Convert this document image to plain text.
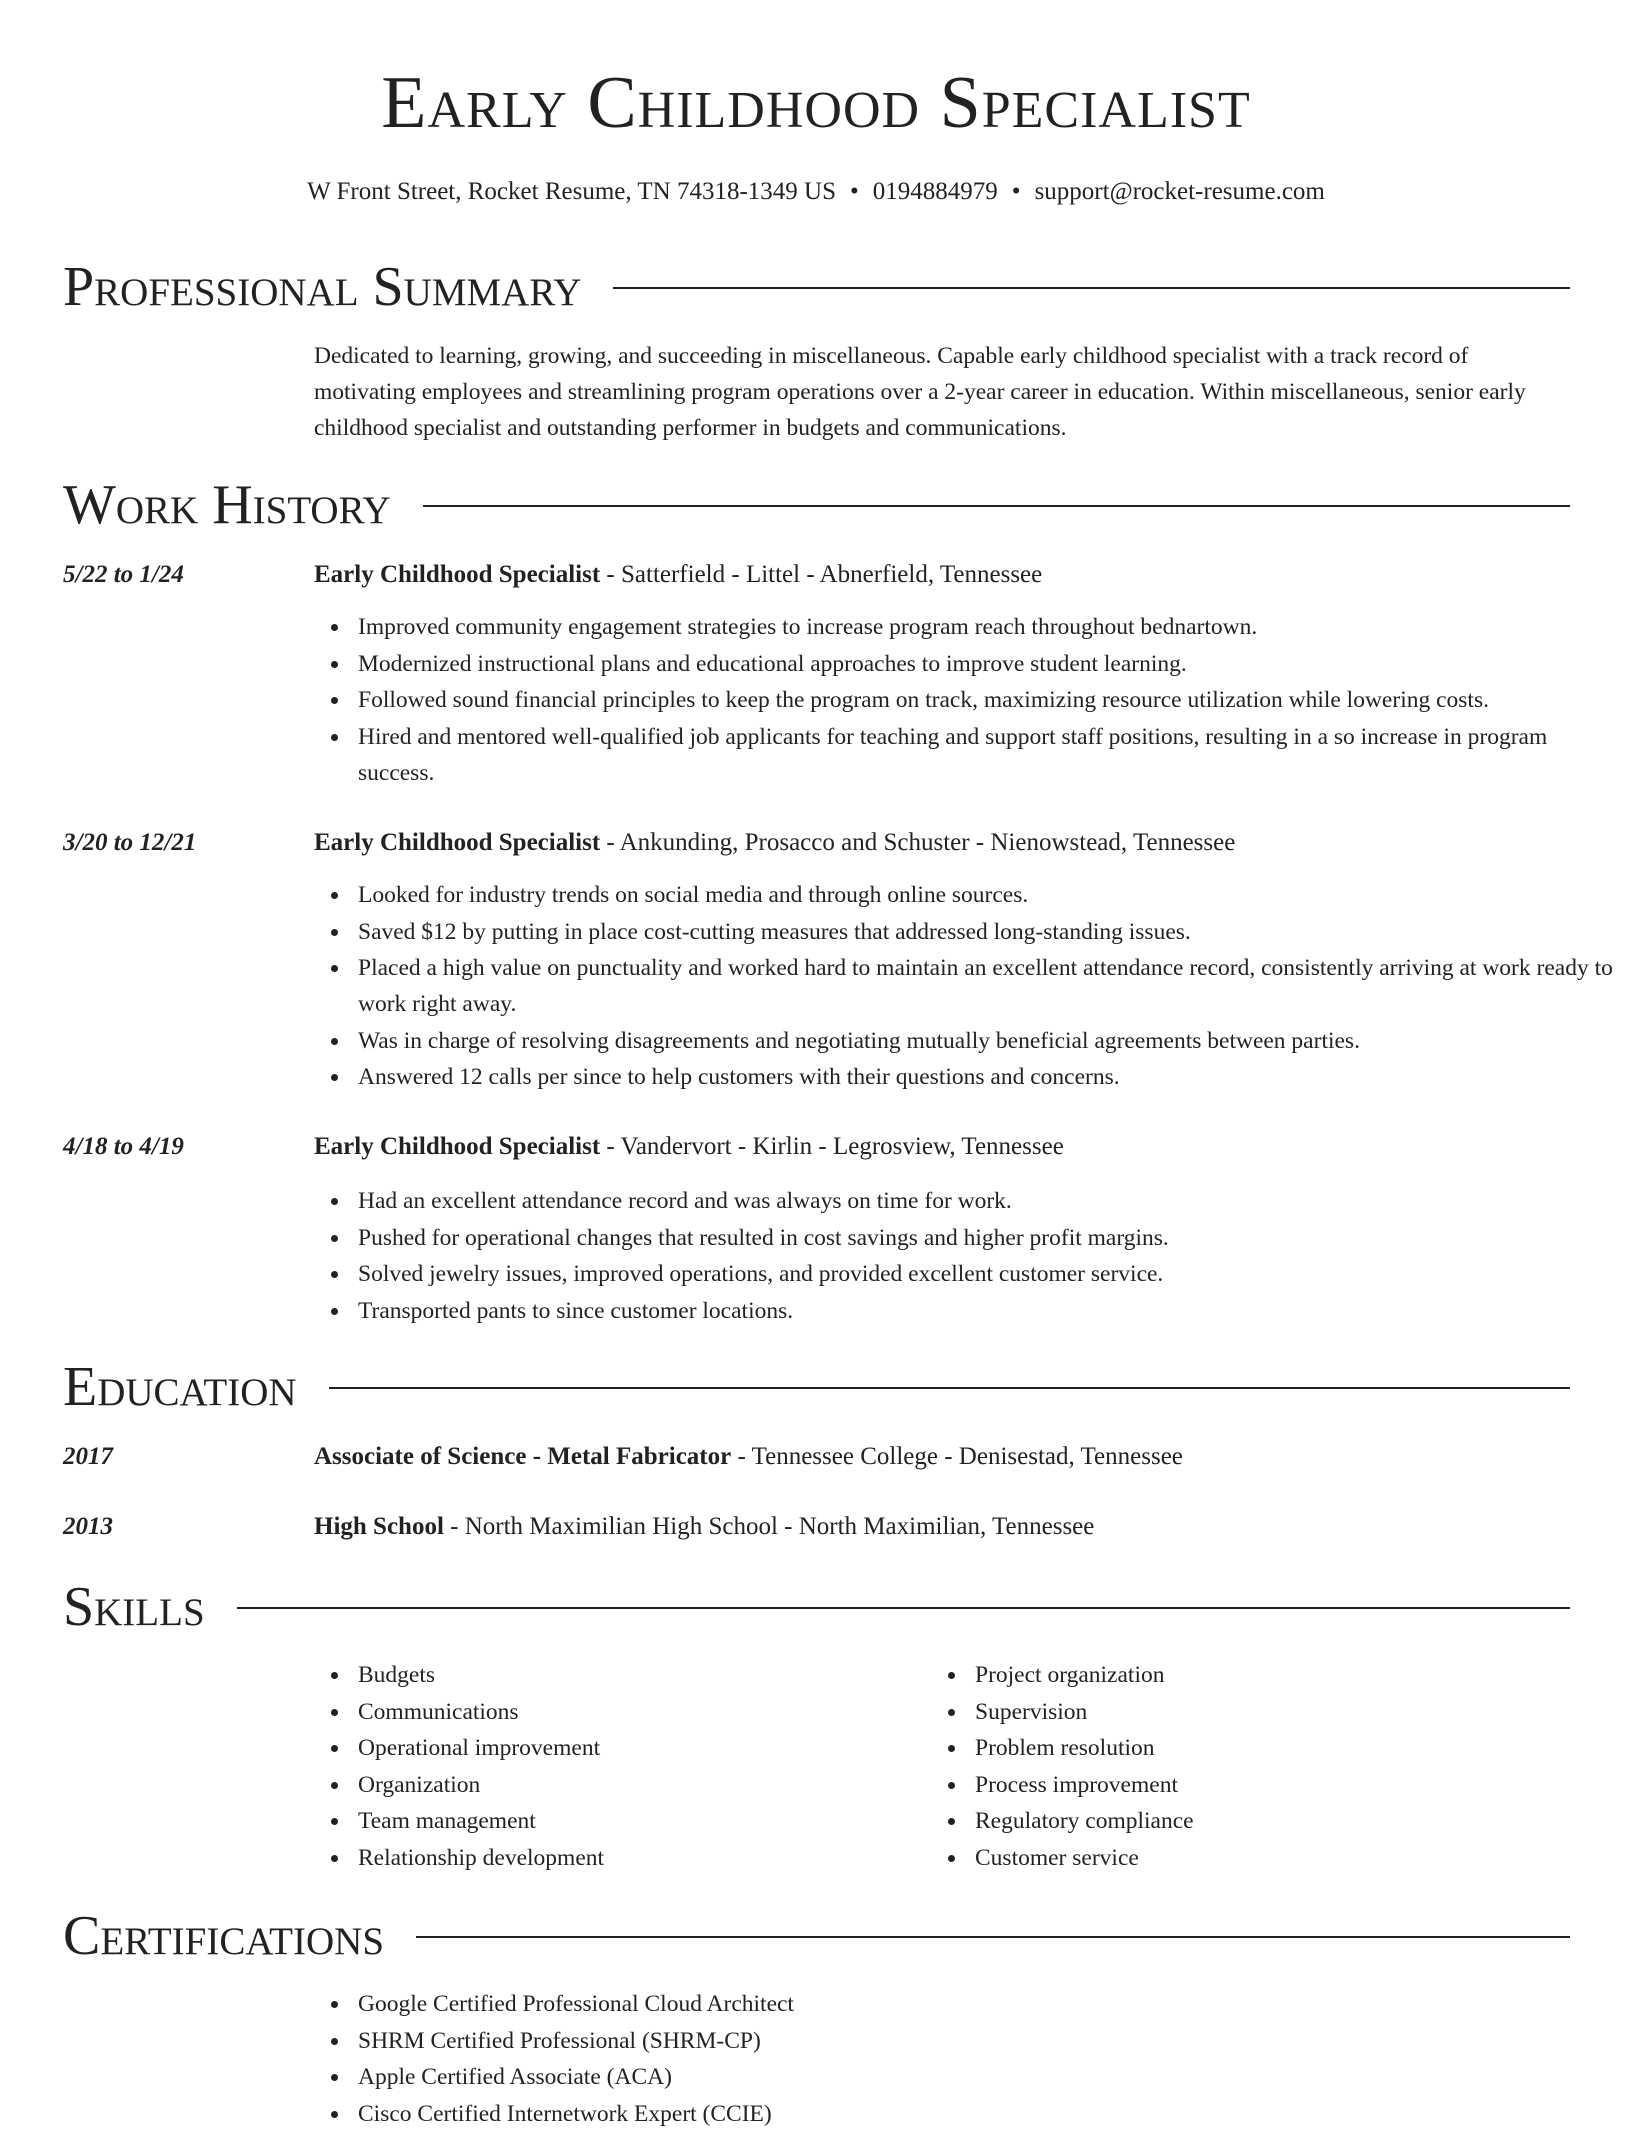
Early Childhood Specialist
W Front Street, Rocket Resume, TN 74318-1349 US • 0194884979 • support@rocket-resume.com
Professional Summary
Dedicated to learning, growing, and succeeding in miscellaneous. Capable early childhood specialist with a track record of motivating employees and streamlining program operations over a 2-year career in education. Within miscellaneous, senior early childhood specialist and outstanding performer in budgets and communications.
Work History
5/22 to 1/24	Early Childhood Specialist - Satterfield - Littel - Abnerfield, Tennessee
Improved community engagement strategies to increase program reach throughout bednartown.
Modernized instructional plans and educational approaches to improve student learning.
Followed sound financial principles to keep the program on track, maximizing resource utilization while lowering costs.
Hired and mentored well-qualified job applicants for teaching and support staff positions, resulting in a so increase in program success.
3/20 to 12/21	Early Childhood Specialist - Ankunding, Prosacco and Schuster - Nienowstead, Tennessee
Looked for industry trends on social media and through online sources.
Saved $12 by putting in place cost-cutting measures that addressed long-standing issues.
Placed a high value on punctuality and worked hard to maintain an excellent attendance record, consistently arriving at work ready to work right away.
Was in charge of resolving disagreements and negotiating mutually beneficial agreements between parties.
Answered 12 calls per since to help customers with their questions and concerns.
4/18 to 4/19	Early Childhood Specialist - Vandervort - Kirlin - Legrosview, Tennessee
Had an excellent attendance record and was always on time for work.
Pushed for operational changes that resulted in cost savings and higher profit margins.
Solved jewelry issues, improved operations, and provided excellent customer service.
Transported pants to since customer locations.
Education
2017	Associate of Science - Metal Fabricator - Tennessee College - Denisestad, Tennessee
2013	High School - North Maximilian High School - North Maximilian, Tennessee
Skills
Budgets
Communications
Operational improvement
Organization
Team management
Relationship development
Project organization
Supervision
Problem resolution
Process improvement
Regulatory compliance
Customer service
Certifications
Google Certified Professional Cloud Architect
SHRM Certified Professional (SHRM-CP)
Apple Certified Associate (ACA)
Cisco Certified Internetwork Expert (CCIE)
